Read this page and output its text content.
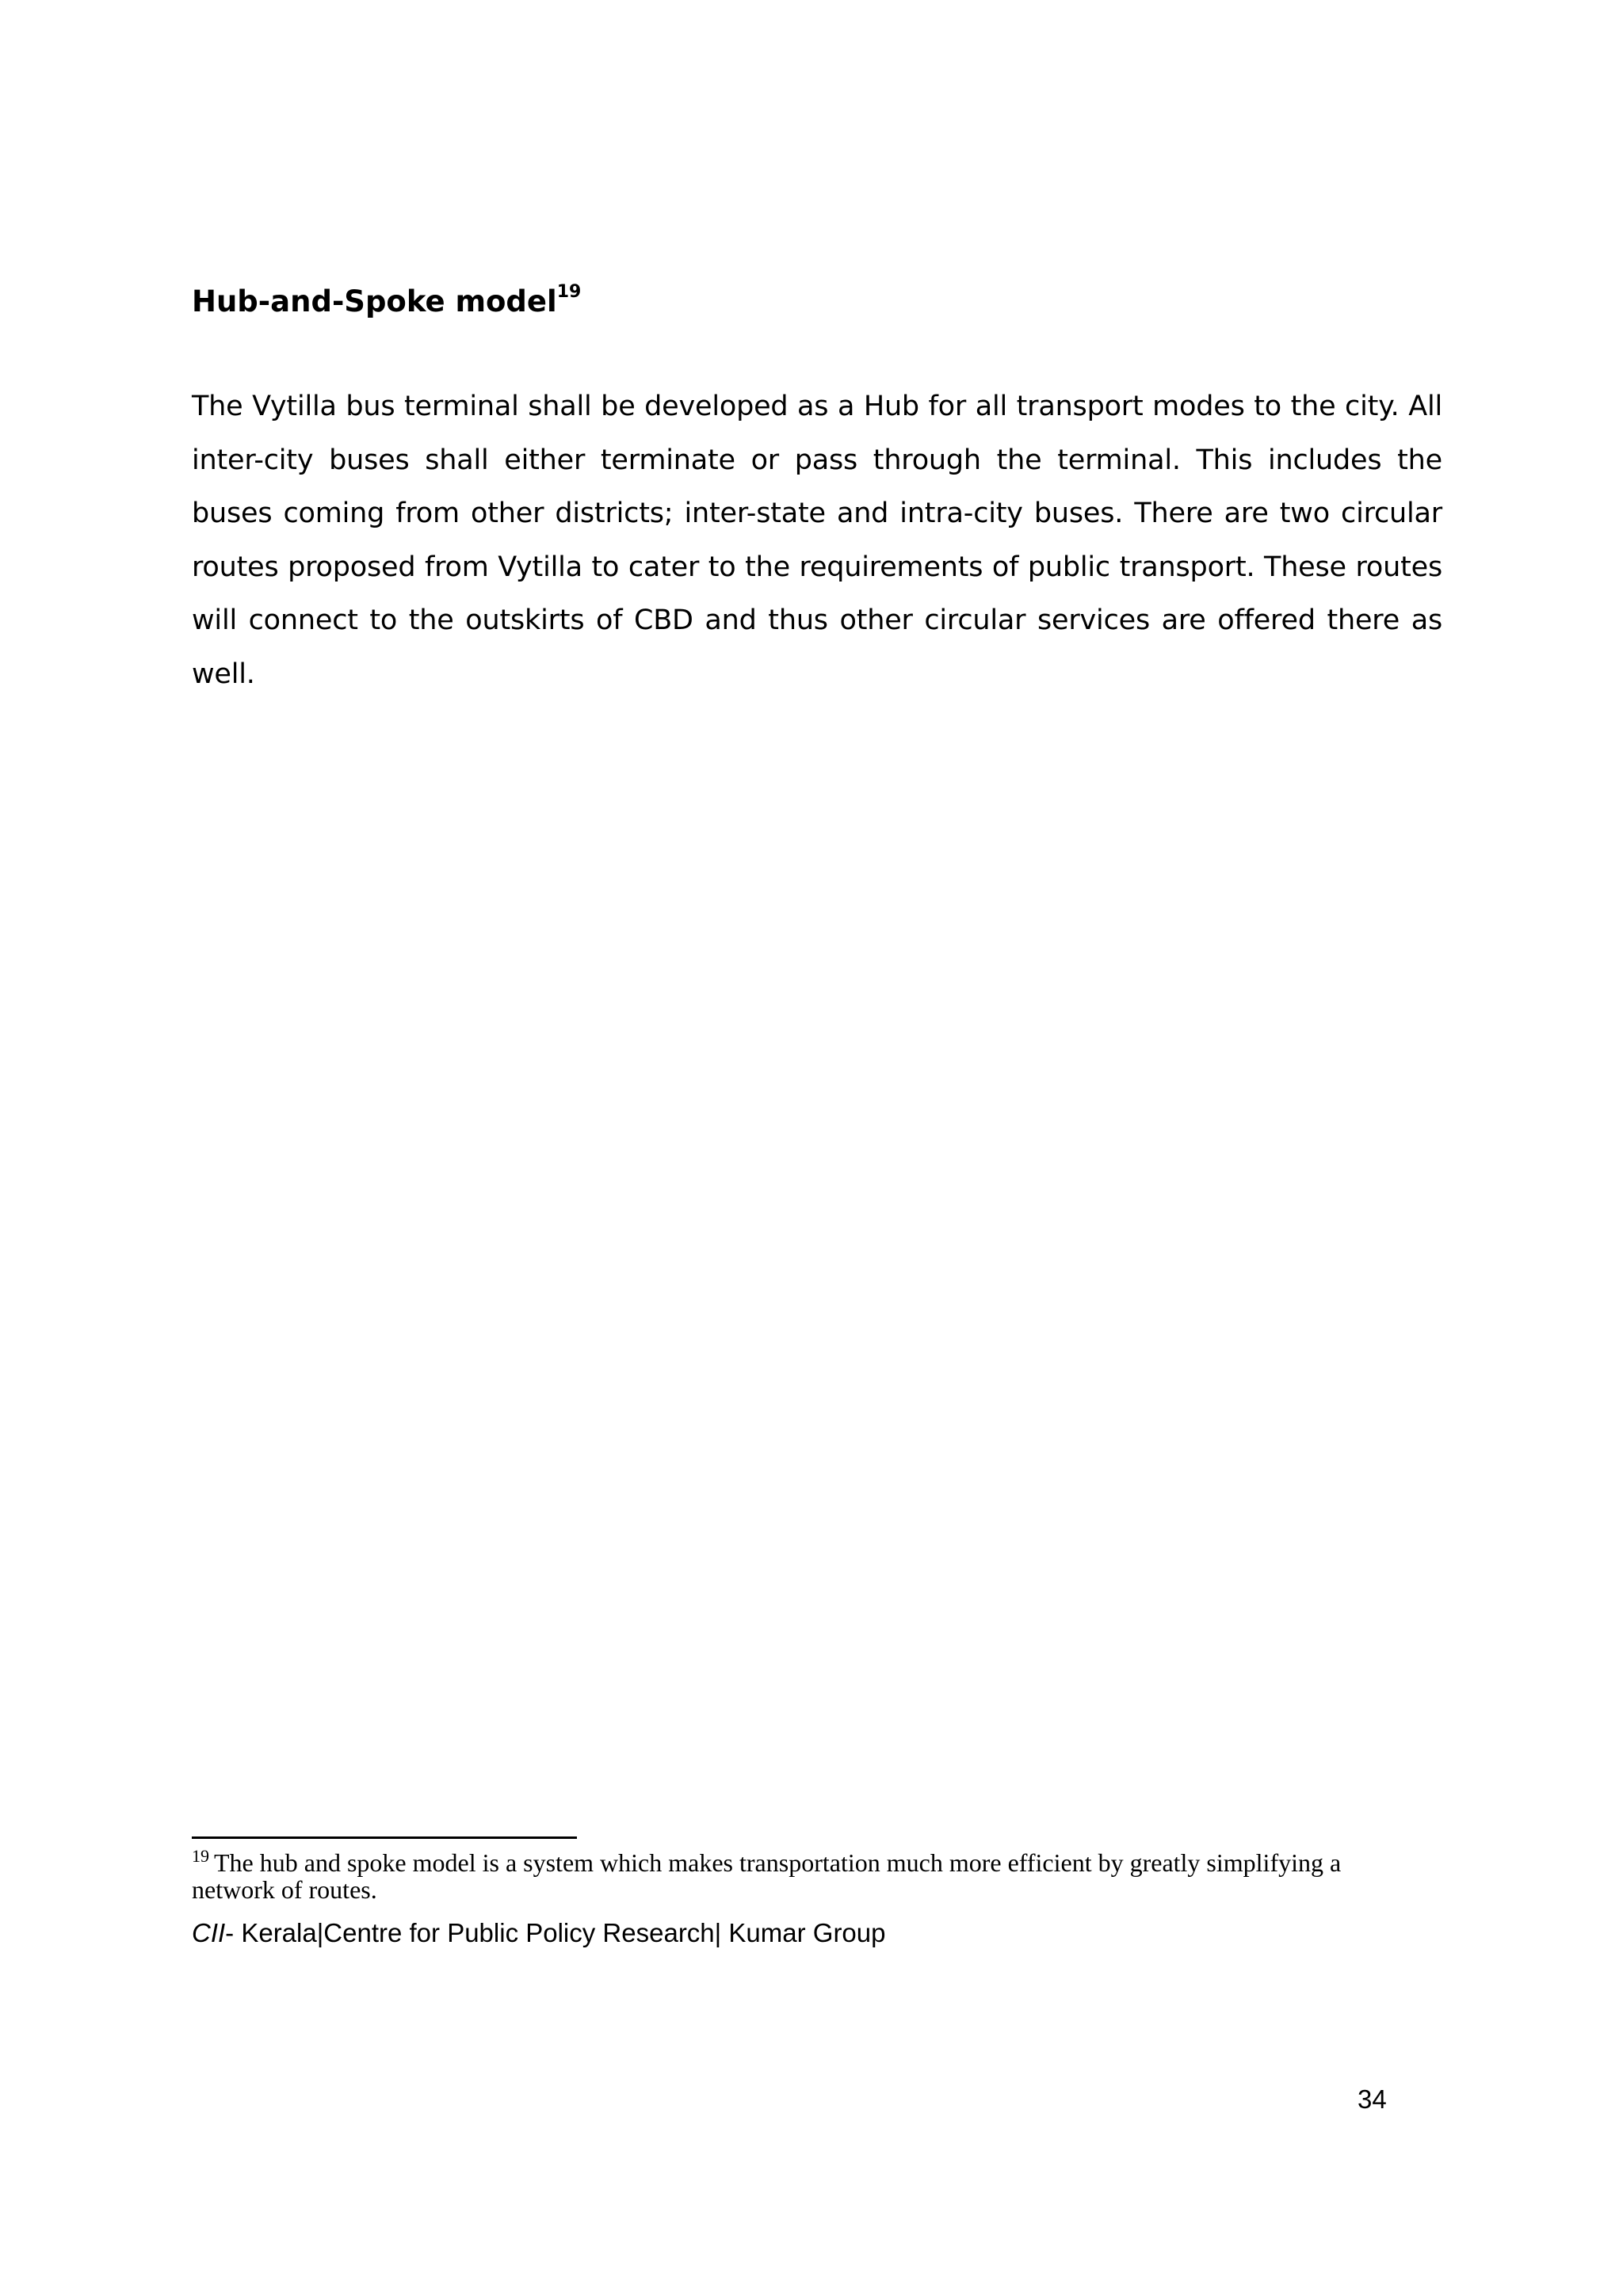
Hub-and-Spoke model$^{19}$
The Vytilla bus terminal shall be developed as a Hub for all transport modes to the city. All inter-city buses shall either terminate or pass through the terminal. This includes the buses coming from other districts; inter-state and intra-city buses. There are two circular routes proposed from Vytilla to cater to the requirements of public transport. These routes will connect to the outskirts of CBD and thus other circular services are offered there as well.
$^{19}$ The hub and spoke model is a system which makes transportation much more efficient by greatly simplifying a network of routes.
CII- Kerala|Centre for Public Policy Research| Kumar Group
34
